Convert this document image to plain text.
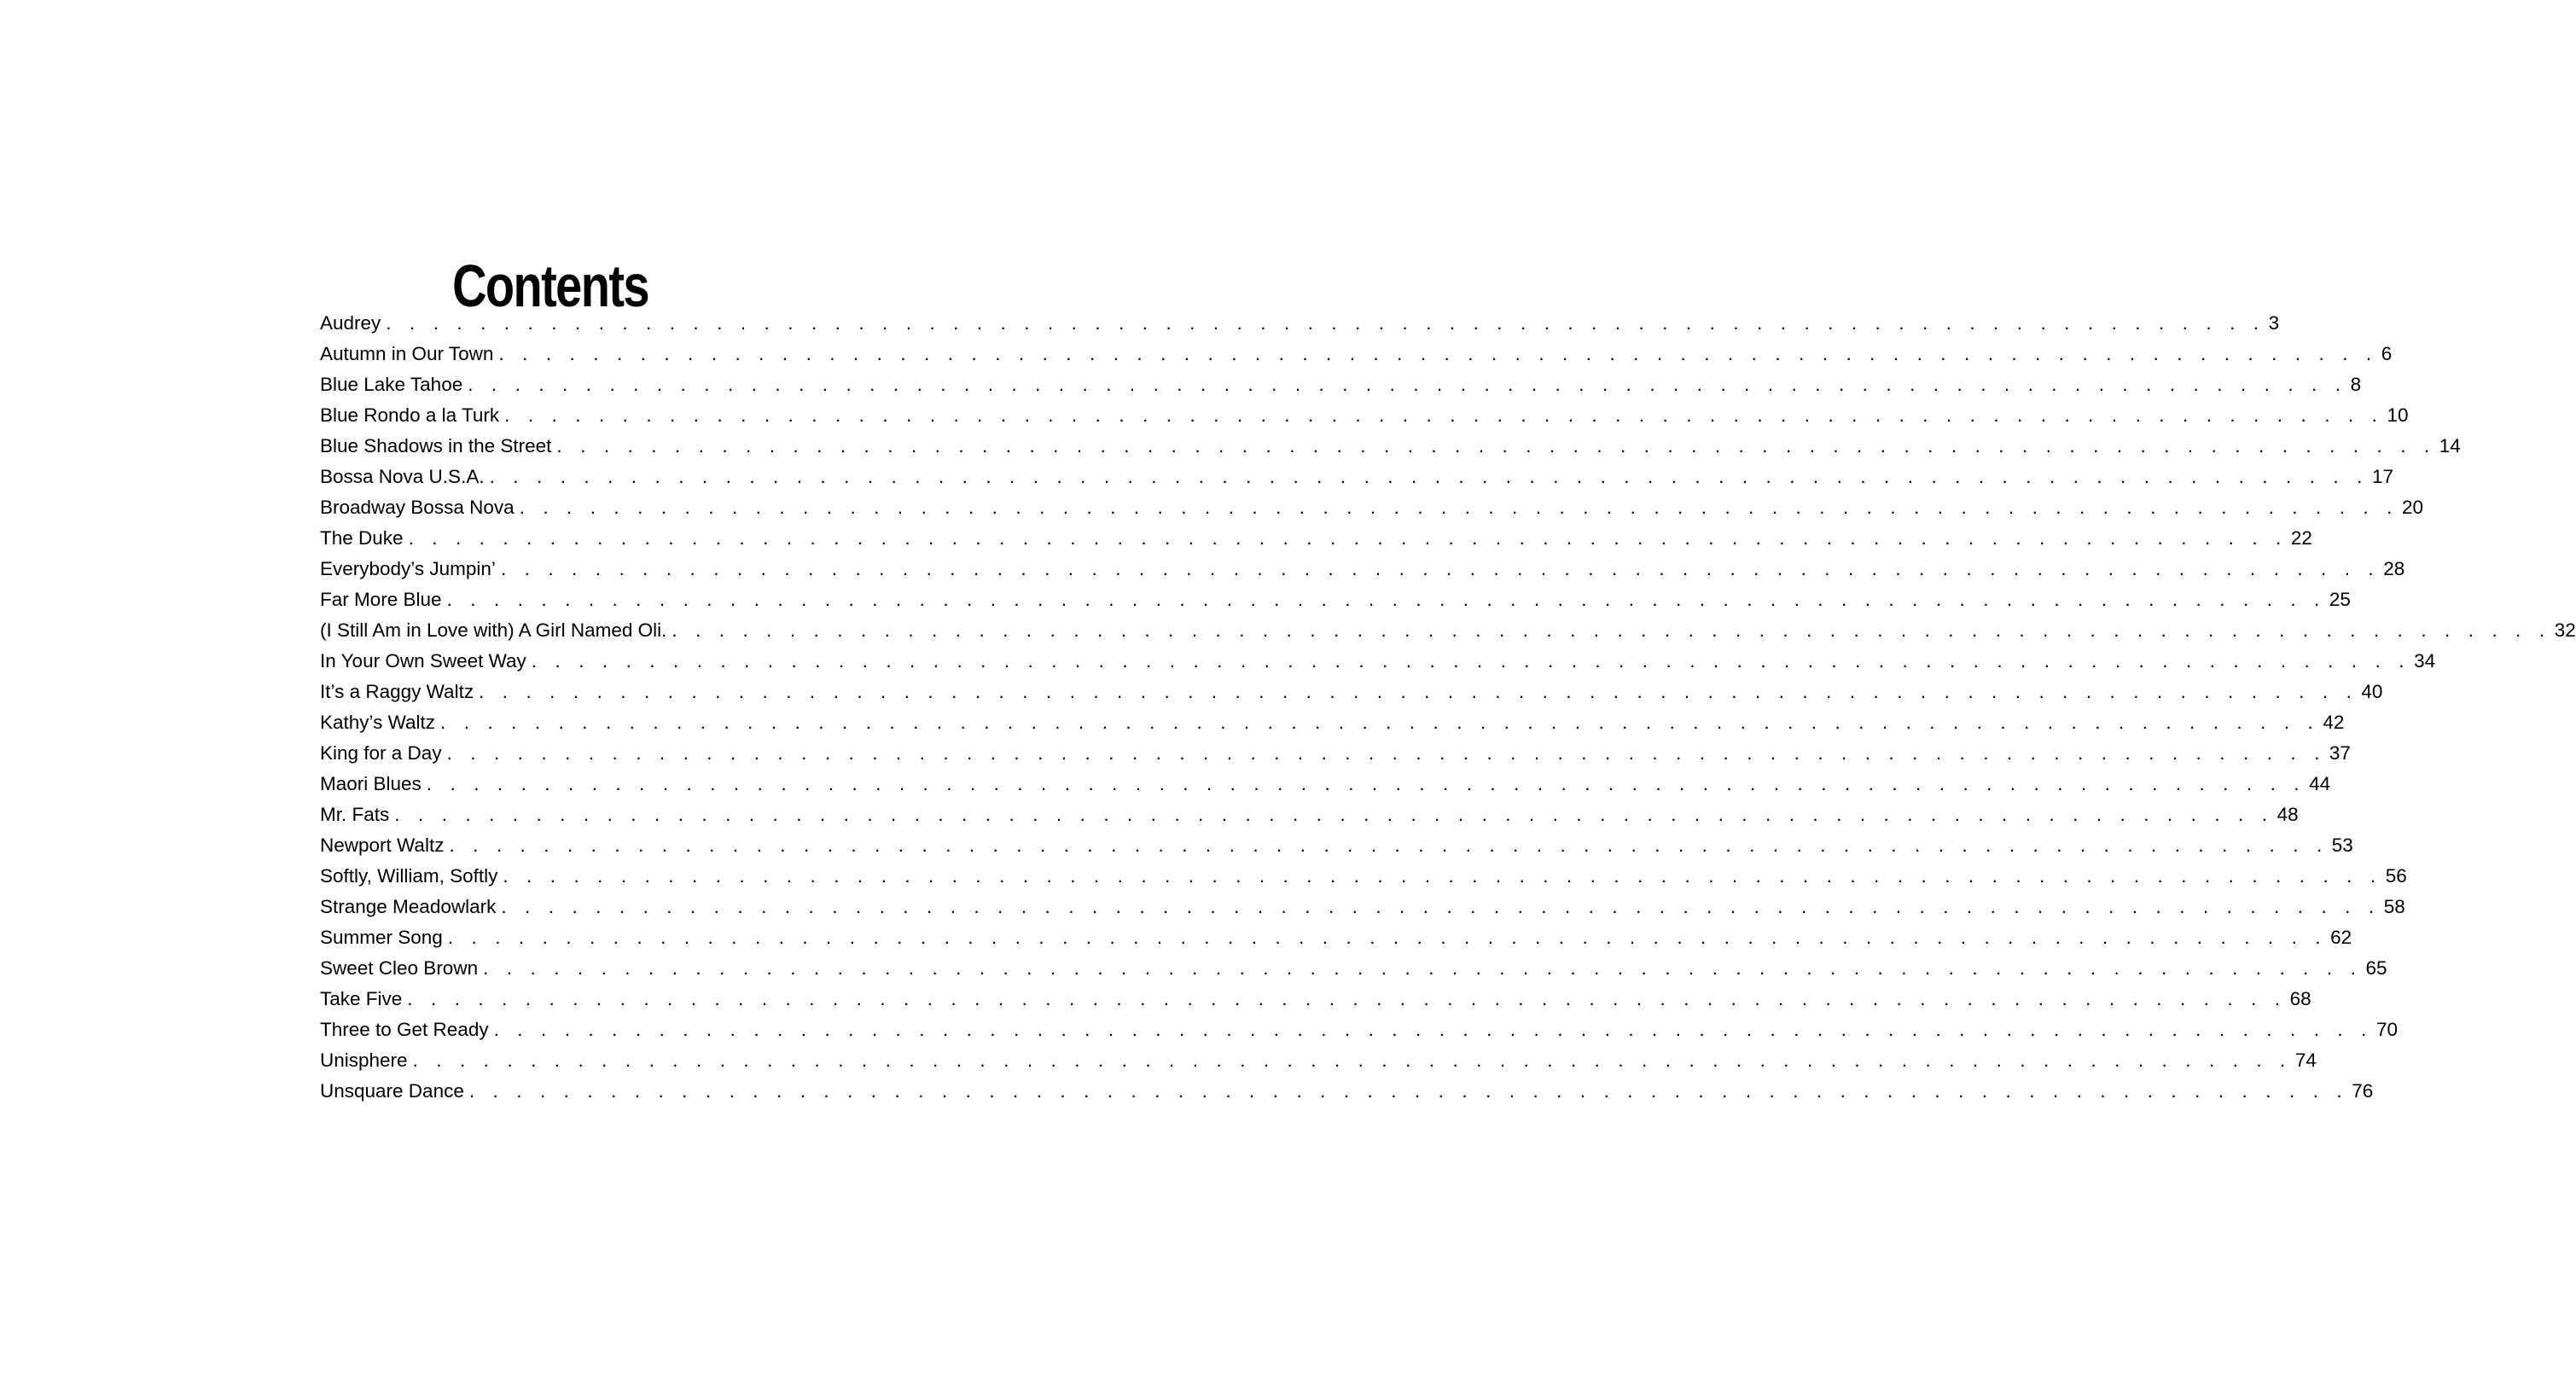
Contents
Audrey . . . . . . . . . . . . . . . . . . . . . . . . . . . . . . . . . . . . . . . . . . . . . . . . . . . . . . . . . . . . . . . . . . . . . . . . . . . . . . . . 3
Autumn in Our Town . . . . . . . . . . . . . . . . . . . . . . . . . . . . . . . . . . . . . . . . . . . . . . . . . . . . . . . . . . . . . . . . . . . . . . . . . . . . . . . . 6
Blue Lake Tahoe . . . . . . . . . . . . . . . . . . . . . . . . . . . . . . . . . . . . . . . . . . . . . . . . . . . . . . . . . . . . . . . . . . . . . . . . . . . . . . . . 8
Blue Rondo a la Turk . . . . . . . . . . . . . . . . . . . . . . . . . . . . . . . . . . . . . . . . . . . . . . . . . . . . . . . . . . . . . . . . . . . . . . . . . . . . . . . . 10
Blue Shadows in the Street . . . . . . . . . . . . . . . . . . . . . . . . . . . . . . . . . . . . . . . . . . . . . . . . . . . . . . . . . . . . . . . . . . . . . . . . . . . . . . . . 14
Bossa Nova U.S.A. . . . . . . . . . . . . . . . . . . . . . . . . . . . . . . . . . . . . . . . . . . . . . . . . . . . . . . . . . . . . . . . . . . . . . . . . . . . . . . . . 17
Broadway Bossa Nova . . . . . . . . . . . . . . . . . . . . . . . . . . . . . . . . . . . . . . . . . . . . . . . . . . . . . . . . . . . . . . . . . . . . . . . . . . . . . . . . 20
The Duke . . . . . . . . . . . . . . . . . . . . . . . . . . . . . . . . . . . . . . . . . . . . . . . . . . . . . . . . . . . . . . . . . . . . . . . . . . . . . . . . 22
Everybody’s Jumpin’ . . . . . . . . . . . . . . . . . . . . . . . . . . . . . . . . . . . . . . . . . . . . . . . . . . . . . . . . . . . . . . . . . . . . . . . . . . . . . . . . 28
Far More Blue . . . . . . . . . . . . . . . . . . . . . . . . . . . . . . . . . . . . . . . . . . . . . . . . . . . . . . . . . . . . . . . . . . . . . . . . . . . . . . . . 25
(I Still Am in Love with) A Girl Named Oli. . . . . . . . . . . . . . . . . . . . . . . . . . . . . . . . . . . . . . . . . . . . . . . . . . . . . . . . . . . . . . . . . . . . . . . . . . . . . . . . . 32
In Your Own Sweet Way . . . . . . . . . . . . . . . . . . . . . . . . . . . . . . . . . . . . . . . . . . . . . . . . . . . . . . . . . . . . . . . . . . . . . . . . . . . . . . . . 34
It’s a Raggy Waltz . . . . . . . . . . . . . . . . . . . . . . . . . . . . . . . . . . . . . . . . . . . . . . . . . . . . . . . . . . . . . . . . . . . . . . . . . . . . . . . . 40
Kathy’s Waltz . . . . . . . . . . . . . . . . . . . . . . . . . . . . . . . . . . . . . . . . . . . . . . . . . . . . . . . . . . . . . . . . . . . . . . . . . . . . . . . . 42
King for a Day . . . . . . . . . . . . . . . . . . . . . . . . . . . . . . . . . . . . . . . . . . . . . . . . . . . . . . . . . . . . . . . . . . . . . . . . . . . . . . . . 37
Maori Blues . . . . . . . . . . . . . . . . . . . . . . . . . . . . . . . . . . . . . . . . . . . . . . . . . . . . . . . . . . . . . . . . . . . . . . . . . . . . . . . . 44
Mr. Fats . . . . . . . . . . . . . . . . . . . . . . . . . . . . . . . . . . . . . . . . . . . . . . . . . . . . . . . . . . . . . . . . . . . . . . . . . . . . . . . . 48
Newport Waltz . . . . . . . . . . . . . . . . . . . . . . . . . . . . . . . . . . . . . . . . . . . . . . . . . . . . . . . . . . . . . . . . . . . . . . . . . . . . . . . . 53
Softly, William, Softly . . . . . . . . . . . . . . . . . . . . . . . . . . . . . . . . . . . . . . . . . . . . . . . . . . . . . . . . . . . . . . . . . . . . . . . . . . . . . . . . 56
Strange Meadowlark . . . . . . . . . . . . . . . . . . . . . . . . . . . . . . . . . . . . . . . . . . . . . . . . . . . . . . . . . . . . . . . . . . . . . . . . . . . . . . . . 58
Summer Song . . . . . . . . . . . . . . . . . . . . . . . . . . . . . . . . . . . . . . . . . . . . . . . . . . . . . . . . . . . . . . . . . . . . . . . . . . . . . . . . 62
Sweet Cleo Brown . . . . . . . . . . . . . . . . . . . . . . . . . . . . . . . . . . . . . . . . . . . . . . . . . . . . . . . . . . . . . . . . . . . . . . . . . . . . . . . . 65
Take Five . . . . . . . . . . . . . . . . . . . . . . . . . . . . . . . . . . . . . . . . . . . . . . . . . . . . . . . . . . . . . . . . . . . . . . . . . . . . . . . . 68
Three to Get Ready . . . . . . . . . . . . . . . . . . . . . . . . . . . . . . . . . . . . . . . . . . . . . . . . . . . . . . . . . . . . . . . . . . . . . . . . . . . . . . . . 70
Unisphere . . . . . . . . . . . . . . . . . . . . . . . . . . . . . . . . . . . . . . . . . . . . . . . . . . . . . . . . . . . . . . . . . . . . . . . . . . . . . . . . 74
Unsquare Dance . . . . . . . . . . . . . . . . . . . . . . . . . . . . . . . . . . . . . . . . . . . . . . . . . . . . . . . . . . . . . . . . . . . . . . . . . . . . . . . . 76
